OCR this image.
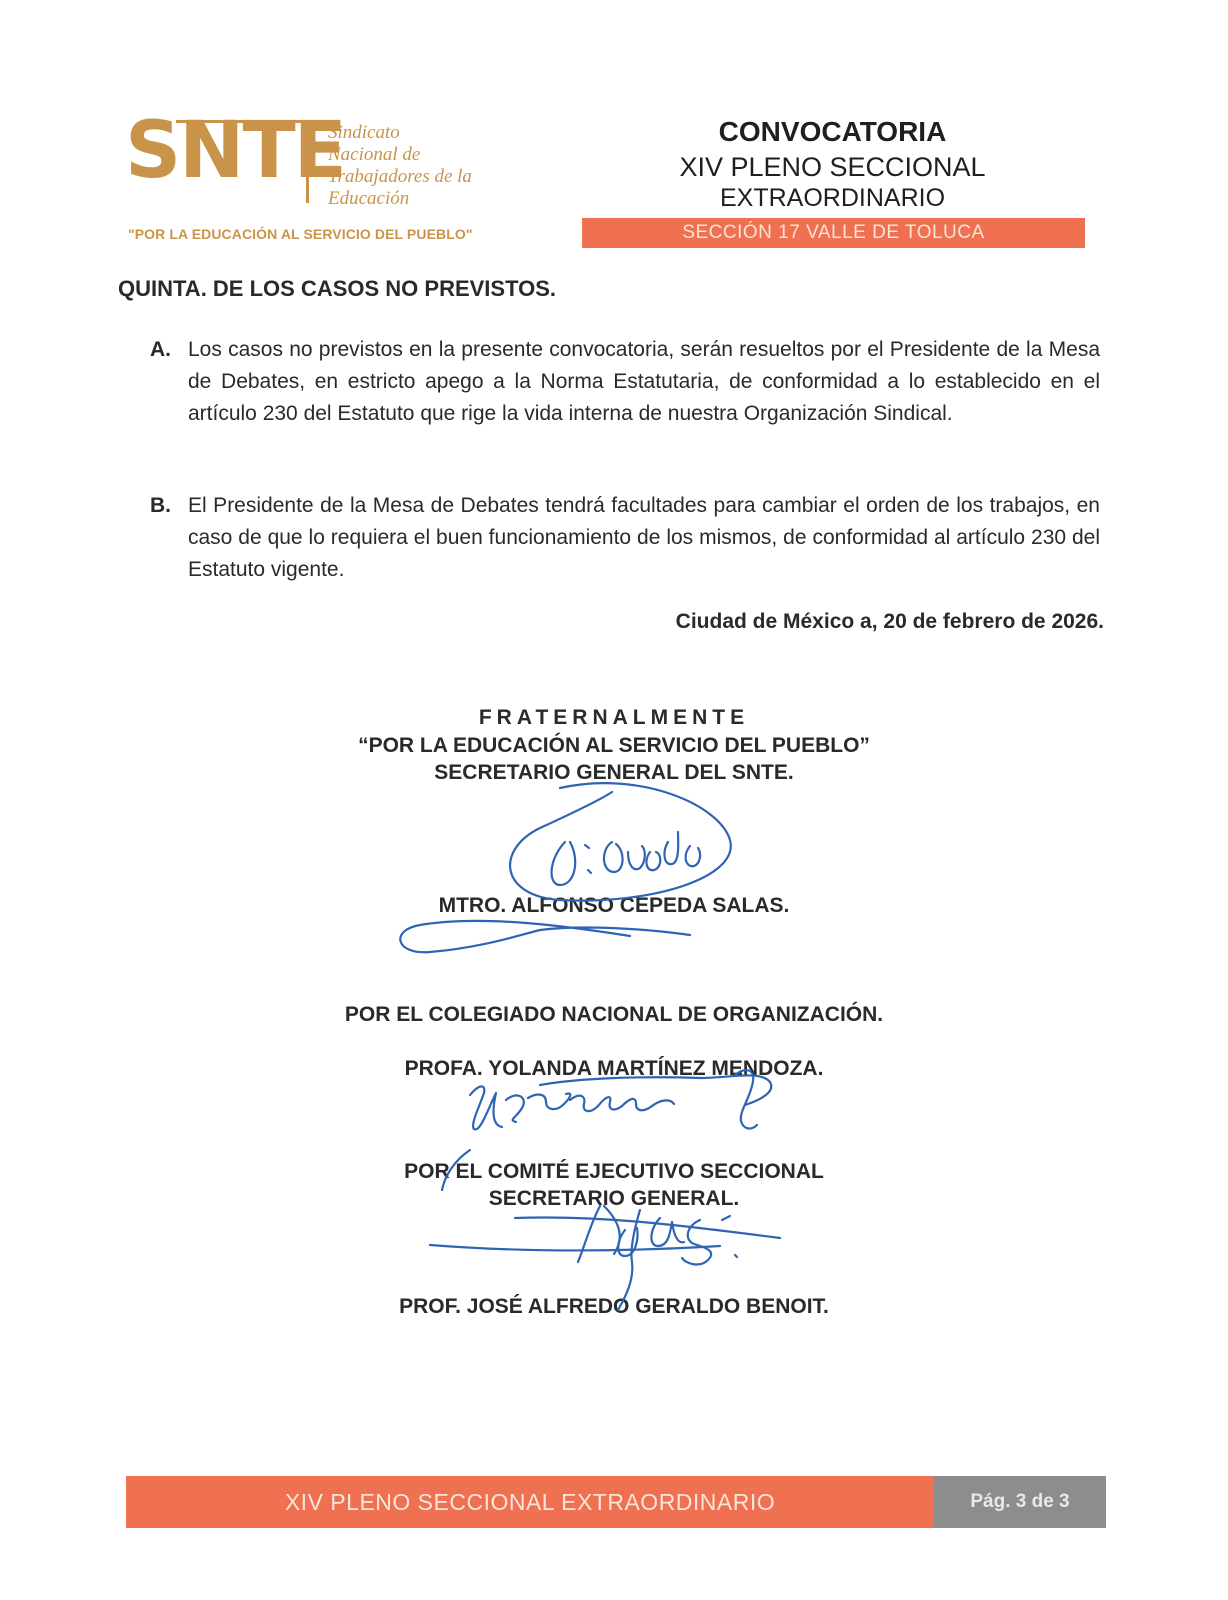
SNTE
Sindicato
Nacional de
Trabajadores de la
Educación
"POR LA EDUCACIÓN AL SERVICIO DEL PUEBLO"
CONVOCATORIA
XIV PLENO SECCIONAL
EXTRAORDINARIO
SECCIÓN 17 VALLE DE TOLUCA
QUINTA. DE LOS CASOS NO PREVISTOS.
A. Los casos no previstos en la presente convocatoria, serán resueltos por el Presidente de la Mesa de Debates, en estricto apego a la Norma Estatutaria, de conformidad a lo establecido en el artículo 230 del Estatuto que rige la vida interna de nuestra Organización Sindical.
B. El Presidente de la Mesa de Debates tendrá facultades para cambiar el orden de los trabajos, en caso de que lo requiera el buen funcionamiento de los mismos, de conformidad al artículo 230 del Estatuto vigente.
Ciudad de México a, 20 de febrero de 2026.
FRATERNALMENTE
“POR LA EDUCACIÓN AL SERVICIO DEL PUEBLO”
SECRETARIO GENERAL DEL SNTE.
MTRO. ALFONSO CEPEDA SALAS.
POR EL COLEGIADO NACIONAL DE ORGANIZACIÓN.
PROFA. YOLANDA MARTÍNEZ MENDOZA.
POR EL COMITÉ EJECUTIVO SECCIONAL
SECRETARIO GENERAL.
PROF. JOSÉ ALFREDO GERALDO BENOIT.
XIV PLENO SECCIONAL EXTRAORDINARIO	Pág. 3 de 3
